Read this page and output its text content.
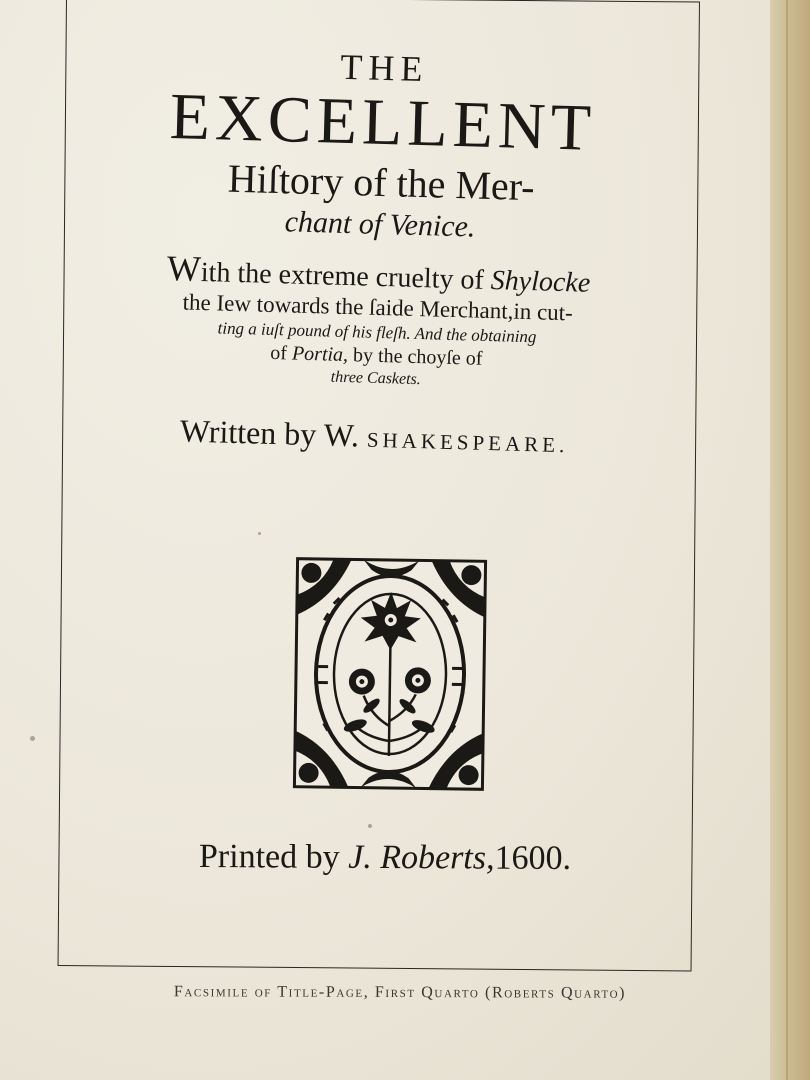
THE

EXCELLENT

Hiſtory of the Mer-

chant of Venice.

With the extreme cruelty of Shylocke

the Iew towards the ſaide Merchant,in cut-

ting a iuſt pound of his fleſh. And the obtaining

of Portia, by the choyſe of

three Caskets.

Written by W. SHAKESPEARE.

Printed by J. Roberts,1600.
Facsimile of Title-Page, First Quarto (Roberts Quarto)
